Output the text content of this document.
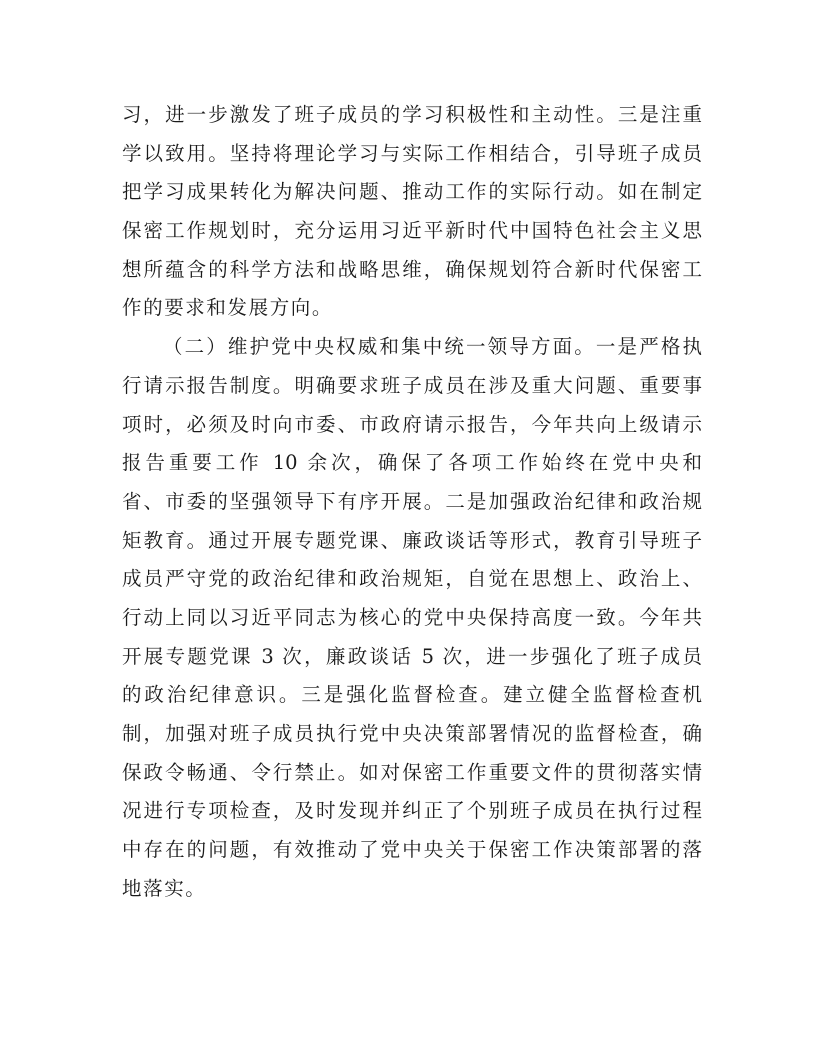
习，进一步激发了班子成员的学习积极性和主动性。三是注重
学以致用。坚持将理论学习与实际工作相结合，引导班子成员
把学习成果转化为解决问题、推动工作的实际行动。如在制定
保密工作规划时，充分运用习近平新时代中国特色社会主义思
想所蕴含的科学方法和战略思维，确保规划符合新时代保密工
作的要求和发展方向。
（二）维护党中央权威和集中统一领导方面。一是严格执
行请示报告制度。明确要求班子成员在涉及重大问题、重要事
项时，必须及时向市委、市政府请示报告，今年共向上级请示
报告重要工作 10 余次，确保了各项工作始终在党中央和
省、市委的坚强领导下有序开展。二是加强政治纪律和政治规
矩教育。通过开展专题党课、廉政谈话等形式，教育引导班子
成员严守党的政治纪律和政治规矩，自觉在思想上、政治上、
行动上同以习近平同志为核心的党中央保持高度一致。今年共
开展专题党课 3 次，廉政谈话 5 次，进一步强化了班子成员
的政治纪律意识。三是强化监督检查。建立健全监督检查机
制，加强对班子成员执行党中央决策部署情况的监督检查，确
保政令畅通、令行禁止。如对保密工作重要文件的贯彻落实情
况进行专项检查，及时发现并纠正了个别班子成员在执行过程
中存在的问题，有效推动了党中央关于保密工作决策部署的落
地落实。
